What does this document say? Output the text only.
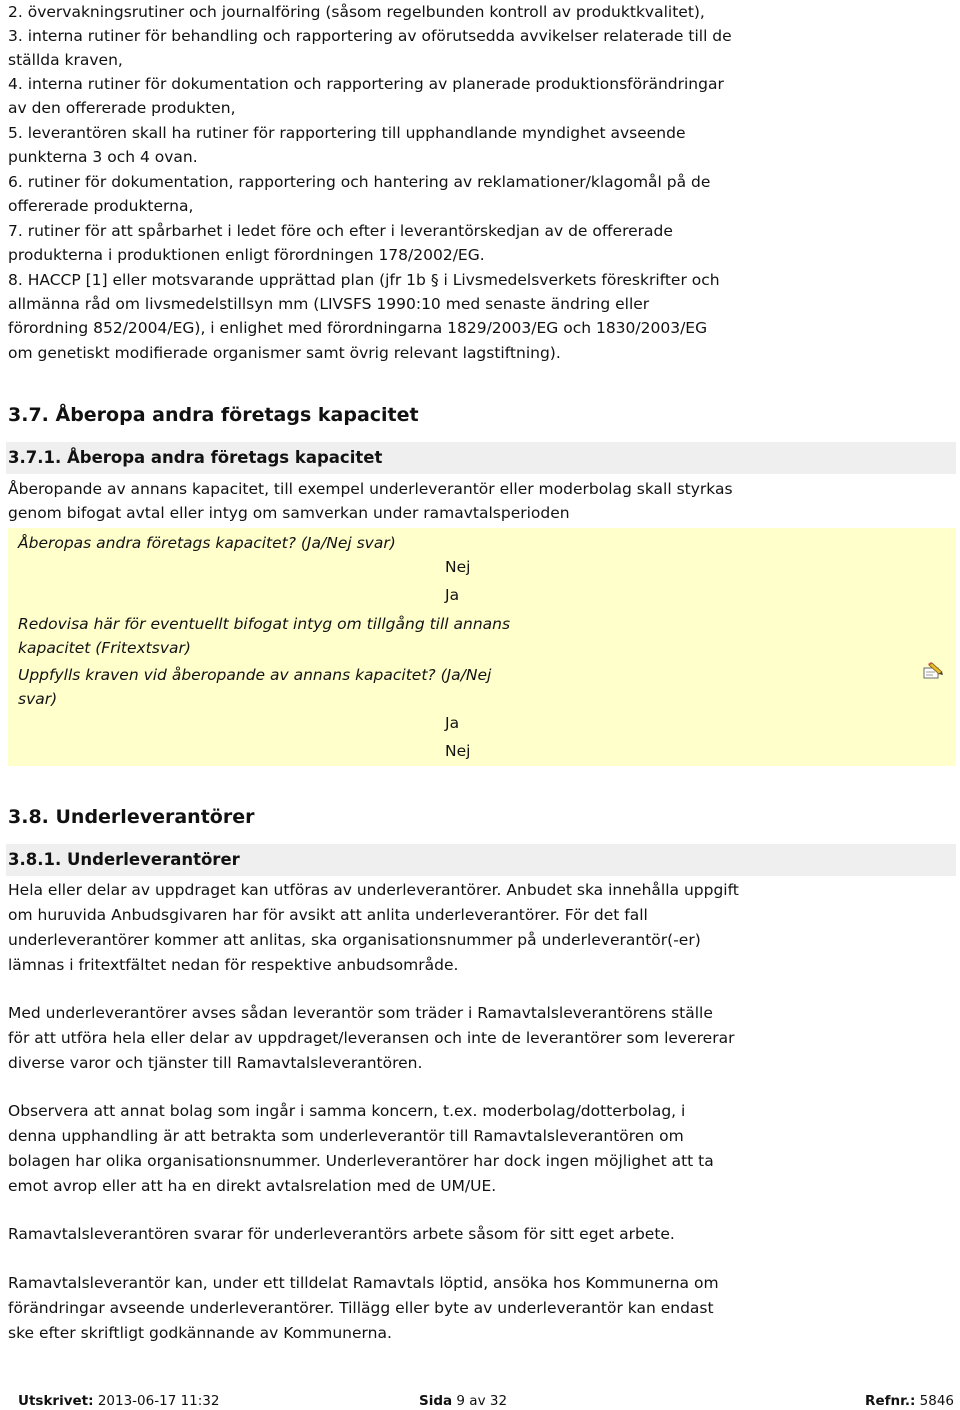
2. övervakningsrutiner och journalföring (såsom regelbunden kontroll av produktkvalitet),
3. interna rutiner för behandling och rapportering av oförutsedda avvikelser relaterade till de
ställda kraven,
4. interna rutiner för dokumentation och rapportering av planerade produktionsförändringar
av den offererade produkten,
5. leverantören skall ha rutiner för rapportering till upphandlande myndighet avseende
punkterna 3 och 4 ovan.
6. rutiner för dokumentation, rapportering och hantering av reklamationer/klagomål på de
offererade produkterna,
7. rutiner för att spårbarhet i ledet före och efter i leverantörskedjan av de offererade
produkterna i produktionen enligt förordningen 178/2002/EG.
8. HACCP [1] eller motsvarande upprättad plan (jfr 1b § i Livsmedelsverkets föreskrifter och
allmänna råd om livsmedelstillsyn mm (LIVSFS 1990:10 med senaste ändring eller
förordning 852/2004/EG), i enlighet med förordningarna 1829/2003/EG och 1830/2003/EG
om genetiskt modifierade organismer samt övrig relevant lagstiftning).
3.7. Åberopa andra företags kapacitet
3.7.1. Åberopa andra företags kapacitet
Åberopande av annans kapacitet, till exempel underleverantör eller moderbolag skall styrkas
genom bifogat avtal eller intyg om samverkan under ramavtalsperioden
Åberopas andra företags kapacitet? (Ja/Nej svar)
Nej
Ja
Redovisa här för eventuellt bifogat intyg om tillgång till annans
kapacitet (Fritextsvar)
Uppfylls kraven vid åberopande av annans kapacitet? (Ja/Nej
svar)
Ja
Nej
3.8. Underleverantörer
3.8.1. Underleverantörer
Hela eller delar av uppdraget kan utföras av underleverantörer. Anbudet ska innehålla uppgift
om huruvida Anbudsgivaren har för avsikt att anlita underleverantörer. För det fall
underleverantörer kommer att anlitas, ska organisationsnummer på underleverantör(-er)
lämnas i fritextfältet nedan för respektive anbudsområde.
Med underleverantörer avses sådan leverantör som träder i Ramavtalsleverantörens ställe
för att utföra hela eller delar av uppdraget/leveransen och inte de leverantörer som levererar
diverse varor och tjänster till Ramavtalsleverantören.
Observera att annat bolag som ingår i samma koncern, t.ex. moderbolag/dotterbolag, i
denna upphandling är att betrakta som underleverantör till Ramavtalsleverantören om
bolagen har olika organisationsnummer. Underleverantörer har dock ingen möjlighet att ta
emot avrop eller att ha en direkt avtalsrelation med de UM/UE.
Ramavtalsleverantören svarar för underleverantörs arbete såsom för sitt eget arbete.
Ramavtalsleverantör kan, under ett tilldelat Ramavtals löptid, ansöka hos Kommunerna om
förändringar avseende underleverantörer. Tillägg eller byte av underleverantör kan endast
ske efter skriftligt godkännande av Kommunerna.
Utskrivet: 2013-06-17 11:32	Sida 9 av 32	Refnr.: 5846
